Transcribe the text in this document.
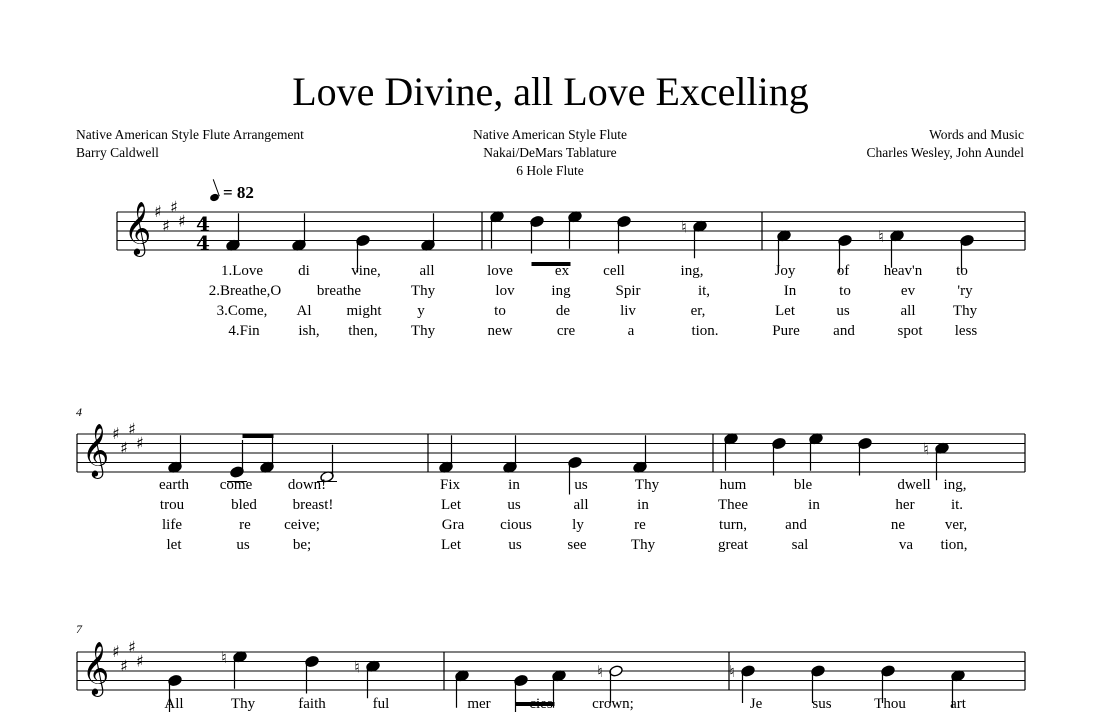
Love Divine, all Love Excelling
Native American Style Flute Arrangement
Barry Caldwell
Native American Style Flute
Nakai/DeMars Tablature
6 Hole Flute
Words and Music
Charles Wesley, John Aundel
= 82
4
7
𝄞 ♯
♯
♯
♯ 4
4
𝄞 ♯
♯
♯
♯
𝄞 ♯
♯
♯
♯
♮	♮
♮
♮	♮	♮	♮
1.Love di	vine,	all	love	ex cell	ing,	Joy	of heav'n to
2.Breathe,O breathe	Thy	lov ing	Spir	it,	In	to	ev	'ry
3.Come, Al might y	to	de	liv	er,	Let	us	all Thy
4.Fin	ish, then, Thy	new	cre	a	tion.	Pure and	spot less
earth come down!	Fix	in	us	Thy	hum	ble	dwell ing,
trou	bled breast!	Let	us	all	in	Thee	in	her it.
life	re ceive;	Gra cious	ly	re	turn,	and	ne	ver,
let	us	be;	Let	us	see	Thy	great	sal	va tion,
All	Thy	faith	ful	mer	cies	crown;	Je	sus	Thou	art
